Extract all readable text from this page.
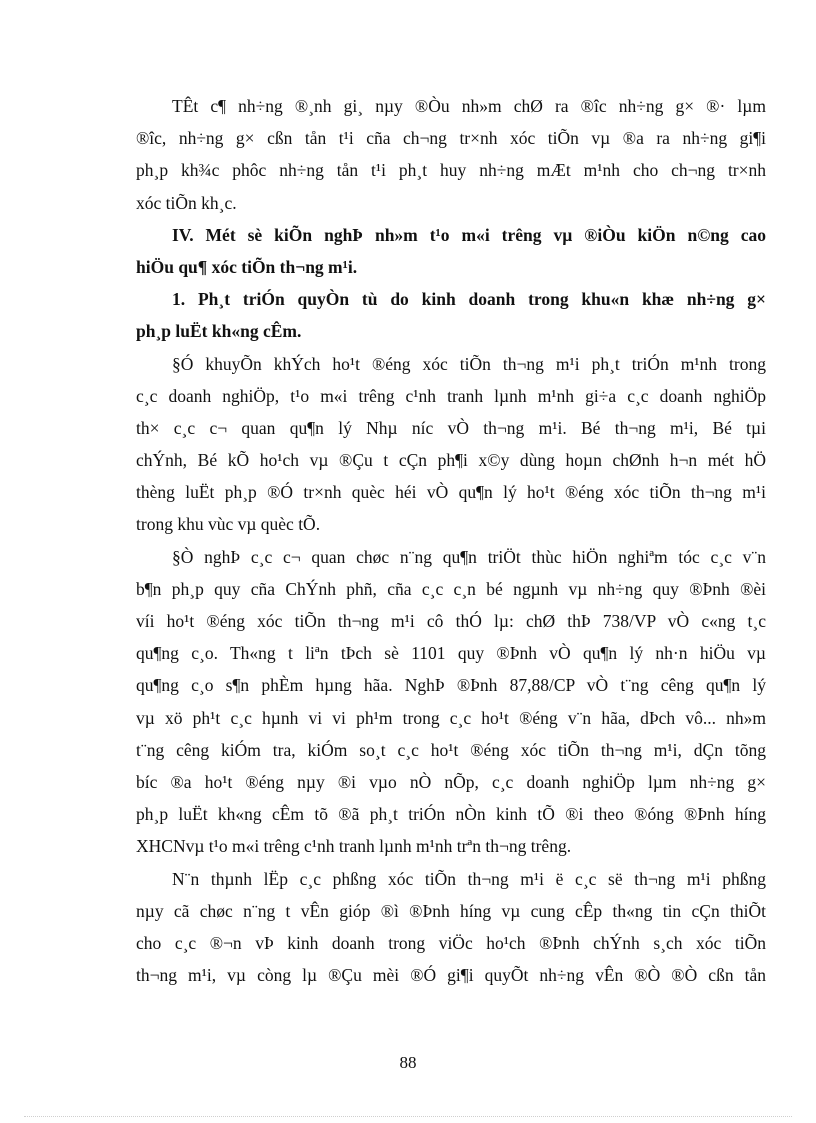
TÊt c¶ nh÷ng ®¸nh gi¸ nµy ®Òu nh»m chØ ra ®îc nh÷ng g× ®· lµm
®îc, nh÷ng g× cßn tån t¹i cña ch¬ng tr×nh xóc tiÕn vµ ®a ra nh÷ng gi¶i
ph¸p kh¾c phôc nh÷ng tån t¹i ph¸t huy nh÷ng mÆt m¹nh cho ch¬ng tr×nh
xóc tiÕn kh¸c.
IV. Mét sè kiÕn nghÞ nh»m t¹o m«i trêng vµ ®iÒu kiÖn n©ng cao
hiÖu qu¶ xóc tiÕn th¬ng m¹i.
1. Ph¸t triÓn quyÒn tù do kinh doanh trong khu«n khæ nh÷ng g×
ph¸p luËt kh«ng cÊm.
§Ó khuyÕn khÝch ho¹t ®éng xóc tiÕn th¬ng m¹i ph¸t triÓn m¹nh trong
c¸c doanh nghiÖp, t¹o m«i trêng c¹nh tranh lµnh m¹nh gi÷a c¸c doanh nghiÖp
th× c¸c c¬ quan qu¶n lý Nhµ níc vÒ th¬ng m¹i. Bé th¬ng m¹i, Bé tµi
chÝnh, Bé kÕ ho¹ch vµ ®Çu t cÇn ph¶i x©y dùng hoµn chØnh h¬n mét hÖ
thèng luËt ph¸p ®Ó tr×nh quèc héi vÒ qu¶n lý ho¹t ®éng xóc tiÕn th¬ng m¹i
trong khu vùc vµ quèc tÕ.
§Ò nghÞ c¸c c¬ quan chøc n¨ng qu¶n triÖt thùc hiÖn nghiªm tóc c¸c v¨n
b¶n ph¸p quy cña ChÝnh phñ, cña c¸c c¸n bé ngµnh vµ nh÷ng quy ®Þnh ®èi
víi ho¹t ®éng xóc tiÕn th¬ng m¹i cô thÓ lµ: chØ thÞ 738/VP vÒ c«ng t¸c
qu¶ng c¸o. Th«ng t liªn tÞch sè 1101 quy ®Þnh vÒ qu¶n lý nh·n hiÖu vµ
qu¶ng c¸o s¶n phÈm hµng hãa. NghÞ ®Þnh 87,88/CP vÒ t¨ng cêng qu¶n lý
vµ xö ph¹t c¸c hµnh vi vi ph¹m trong c¸c ho¹t ®éng v¨n hãa, dÞch vô... nh»m
t¨ng cêng kiÓm tra, kiÓm so¸t c¸c ho¹t ®éng xóc tiÕn th¬ng m¹i, dÇn tõng
bíc ®a ho¹t ®éng nµy ®i vµo nÒ nÕp, c¸c doanh nghiÖp lµm nh÷ng g×
ph¸p luËt kh«ng cÊm tõ ®ã ph¸t triÓn nÒn kinh tÕ ®i theo ®óng ®Þnh híng
XHCNvµ t¹o m«i trêng c¹nh tranh lµnh m¹nh trªn th¬ng trêng.
N¨n thµnh lËp c¸c phßng xóc tiÕn th¬ng m¹i ë c¸c së th¬ng m¹i phßng
nµy cã chøc n¨ng t vÊn gióp ®ì ®Þnh híng vµ cung cÊp th«ng tin cÇn thiÕt
cho c¸c ®¬n vÞ kinh doanh trong viÖc ho¹ch ®Þnh chÝnh s¸ch xóc tiÕn
th¬ng m¹i, vµ còng lµ ®Çu mèi ®Ó gi¶i quyÕt nh÷ng vÊn ®Ò ®Ò cßn tån
88
